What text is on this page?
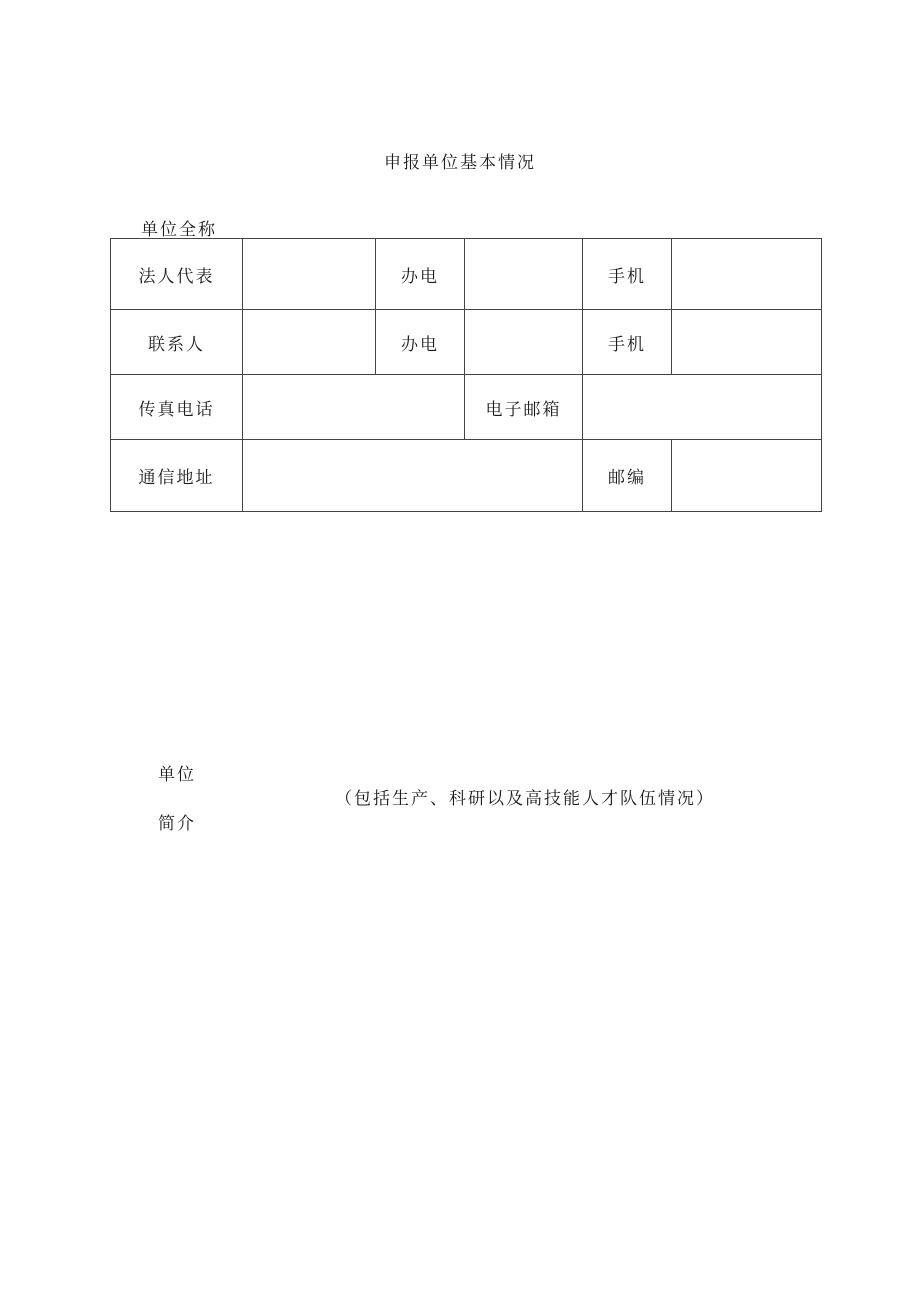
申报单位基本情况
单位全称
法人代表		办电		手机	
联系人		办电		手机	
传真电话			电子邮箱		
通信地址				邮编	
单位
（包括生产、科研以及高技能人才队伍情况）
简介
